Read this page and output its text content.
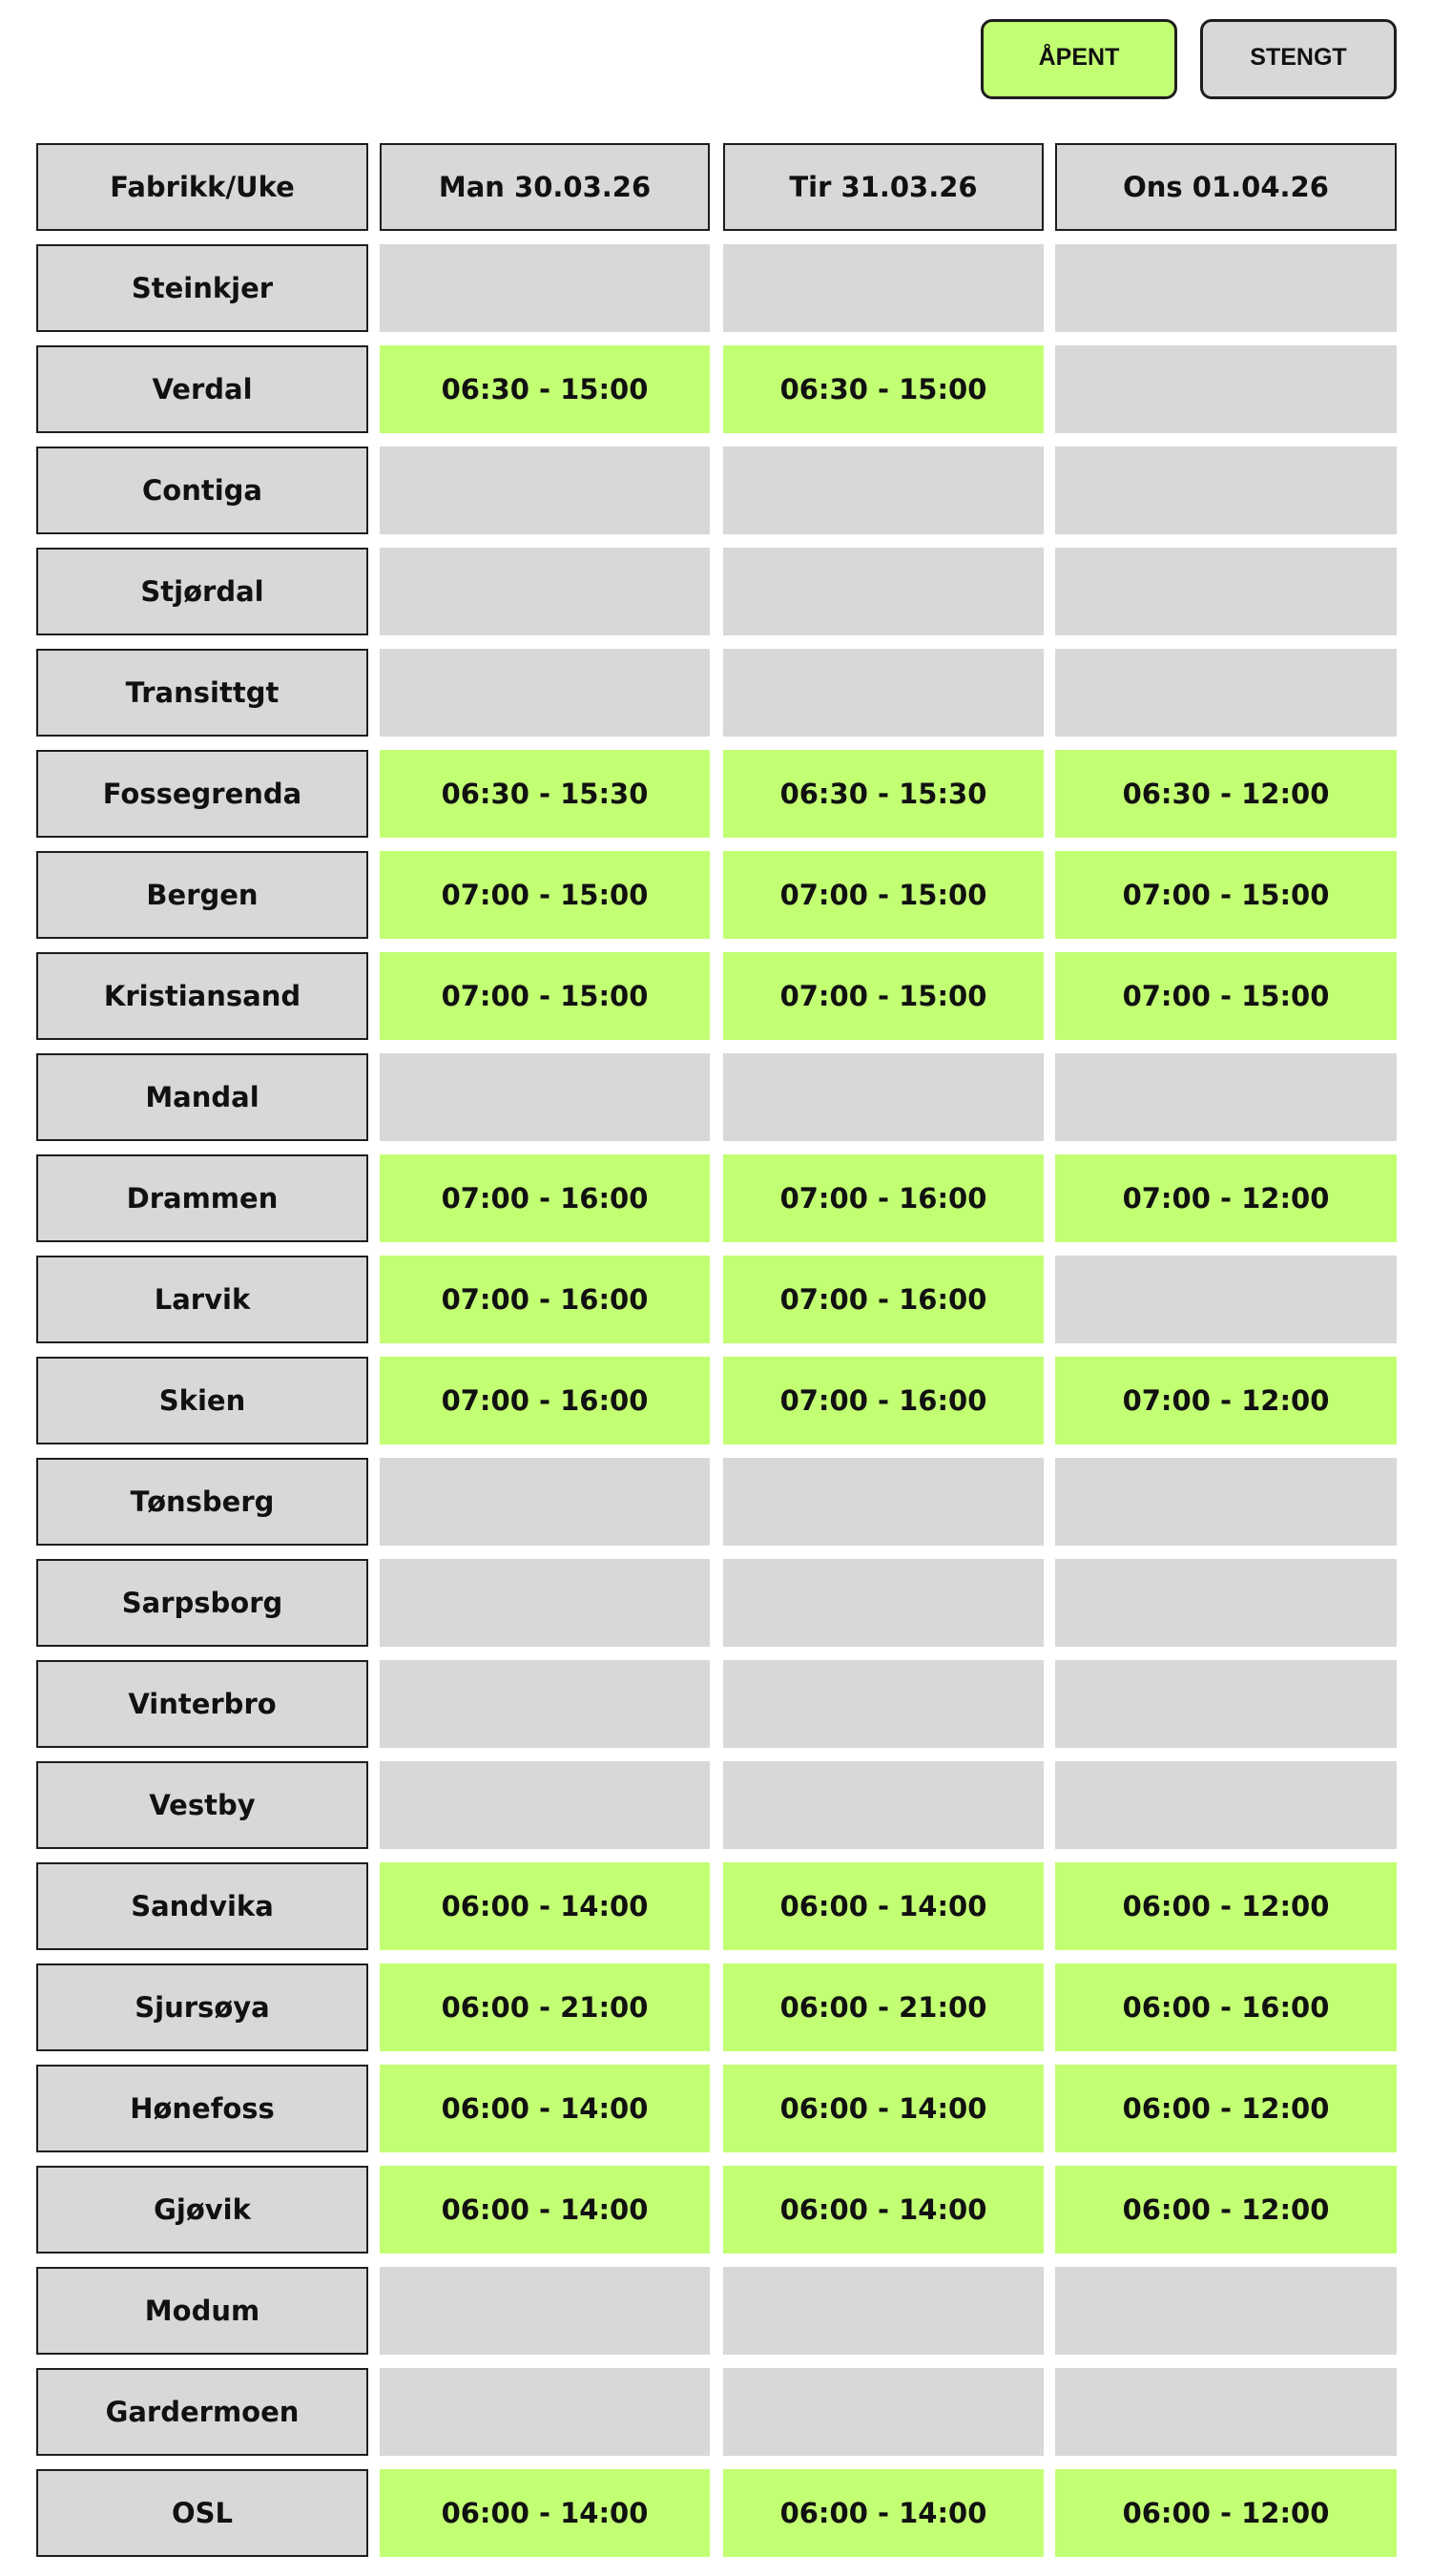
ÅPENT	STENGT
Fabrikk/Uke	Man 30.03.26	Tir 31.03.26	Ons 01.04.26
Steinkjer
Verdal	06:30 - 15:00	06:30 - 15:00
Contiga
Stjørdal
Transittgt
Fossegrenda	06:30 - 15:30	06:30 - 15:30	06:30 - 12:00
Bergen	07:00 - 15:00	07:00 - 15:00	07:00 - 15:00
Kristiansand	07:00 - 15:00	07:00 - 15:00	07:00 - 15:00
Mandal
Drammen	07:00 - 16:00	07:00 - 16:00	07:00 - 12:00
Larvik	07:00 - 16:00	07:00 - 16:00
Skien	07:00 - 16:00	07:00 - 16:00	07:00 - 12:00
Tønsberg
Sarpsborg
Vinterbro
Vestby
Sandvika	06:00 - 14:00	06:00 - 14:00	06:00 - 12:00
Sjursøya	06:00 - 21:00	06:00 - 21:00	06:00 - 16:00
Hønefoss	06:00 - 14:00	06:00 - 14:00	06:00 - 12:00
Gjøvik	06:00 - 14:00	06:00 - 14:00	06:00 - 12:00
Modum
Gardermoen
OSL	06:00 - 14:00	06:00 - 14:00	06:00 - 12:00
